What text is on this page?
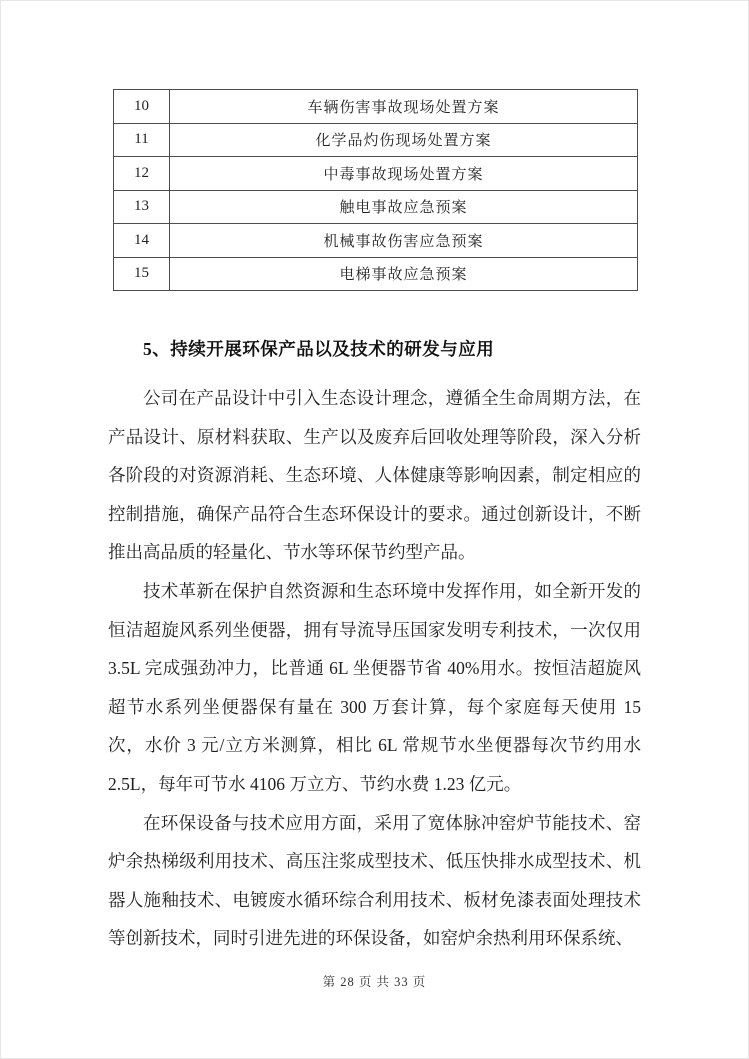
10	车辆伤害事故现场处置方案
11	化学品灼伤现场处置方案
12	中毒事故现场处置方案
13	触电事故应急预案
14	机械事故伤害应急预案
15	电梯事故应急预案
5、持续开展环保产品以及技术的研发与应用

公司在产品设计中引入生态设计理念，遵循全生命周期方法，在产品设计、原材料获取、生产以及废弃后回收处理等阶段，深入分析各阶段的对资源消耗、生态环境、人体健康等影响因素，制定相应的控制措施，确保产品符合生态环保设计的要求。通过创新设计，不断推出高品质的轻量化、节水等环保节约型产品。

技术革新在保护自然资源和生态环境中发挥作用，如全新开发的恒洁超旋风系列坐便器，拥有导流导压国家发明专利技术，一次仅用 3.5L 完成强劲冲力，比普通 6L 坐便器节省 40%用水。按恒洁超旋风超节水系列坐便器保有量在 300 万套计算，每个家庭每天使用 15 次，水价 3 元/立方米测算，相比 6L 常规节水坐便器每次节约用水 2.5L，每年可节水 4106 万立方、节约水费 1.23 亿元。

在环保设备与技术应用方面，采用了宽体脉冲窑炉节能技术、窑炉余热梯级利用技术、高压注浆成型技术、低压快排水成型技术、机器人施釉技术、电镀废水循环综合利用技术、板材免漆表面处理技术等创新技术，同时引进先进的环保设备，如窑炉余热利用环保系统、

第 28 页 共 33 页
